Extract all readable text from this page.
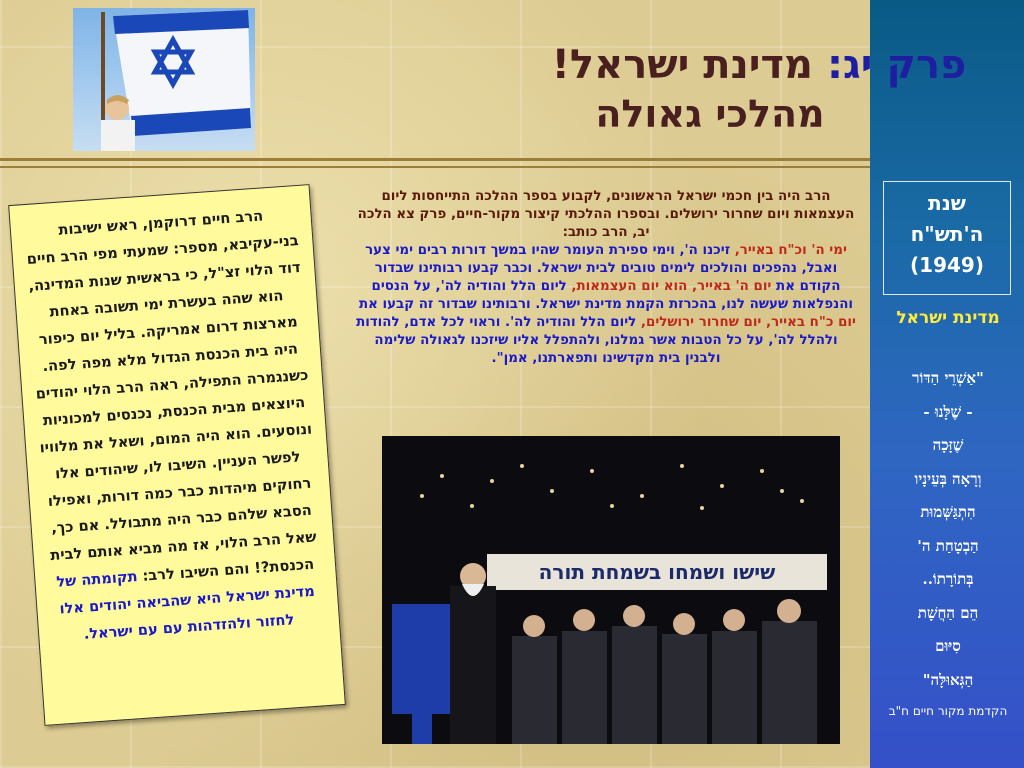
פרק יג: מדינת ישראל!
מהלכי גאולה
הרב היה בין חכמי ישראל הראשונים, לקבוע בספר ההלכה התייחסות ליום העצמאות ויום שחרור ירושלים. ובספרו ההלכתי קיצור מקור-חיים, פרק צא הלכה יב, הרב כותב:
ימי ה' וכ"ח באייר, זיכנו ה', וימי ספירת העומר שהיו במשך דורות רבים ימי צער ואבל, נהפכים והולכים לימים טובים לבית ישראל. וכבר קבעו רבותינו שבדור הקודם את יום ה' באייר, הוא יום העצמאות, ליום הלל והודיה לה', על הנסים והנפלאות שעשה לנו, בהכרזת הקמת מדינת ישראל. ורבותינו שבדור זה קבעו את יום כ"ח באייר, יום שחרור ירושלים, ליום הלל והודיה לה'. וראוי לכל אדם, להודות ולהלל לה', על כל הטבות אשר גמלנו, ולהתפלל אליו שיזכנו לגאולה שלימה ולבנין בית מקדשינו ותפארתנו, אמן".
שישו ושמחו בשמחת תורה
הרב חיים דרוקמן, ראש ישיבות בני-עקיבא, מספר: שמעתי מפי הרב חיים דוד הלוי זצ"ל, כי בראשית שנות המדינה, הוא שהה בעשרת ימי תשובה באחת מארצות דרום אמריקה. בליל יום כיפור היה בית הכנסת הגדול מלא מפה לפה. כשנגמרה התפילה, ראה הרב הלוי יהודים היוצאים מבית הכנסת, נכנסים למכוניות ונוסעים. הוא היה המום, ושאל את מלוויו לפשר העניין. השיבו לו, שיהודים אלו רחוקים מיהדות כבר כמה דורות, ואפילו הסבא שלהם כבר היה מתבולל. אם כך, שאל הרב הלוי, אז מה מביא אותם לבית הכנסת?! והם השיבו לרב: תקומתה של מדינת ישראל היא שהביאה יהודים אלו לחזור ולהזדהות עם עם ישראל.
שנת
ה'תש"ח
(1949)
מדינת ישראל
"אַשְׁרֵי הַדּוֹר
- שֶׁלָּנוּ -
שֶׁזָּכָה
וְרָאָה בְּעֵינָיו
הִתְגַּשְּׁמוּת
הַבְטָחַת ה'
בְּתוֹרָתוֹ..
הֵם הַחֲשָׁת
סִיּוּם
הַגְּאוּלָּה"
הקדמת מקור חיים ח"ב
